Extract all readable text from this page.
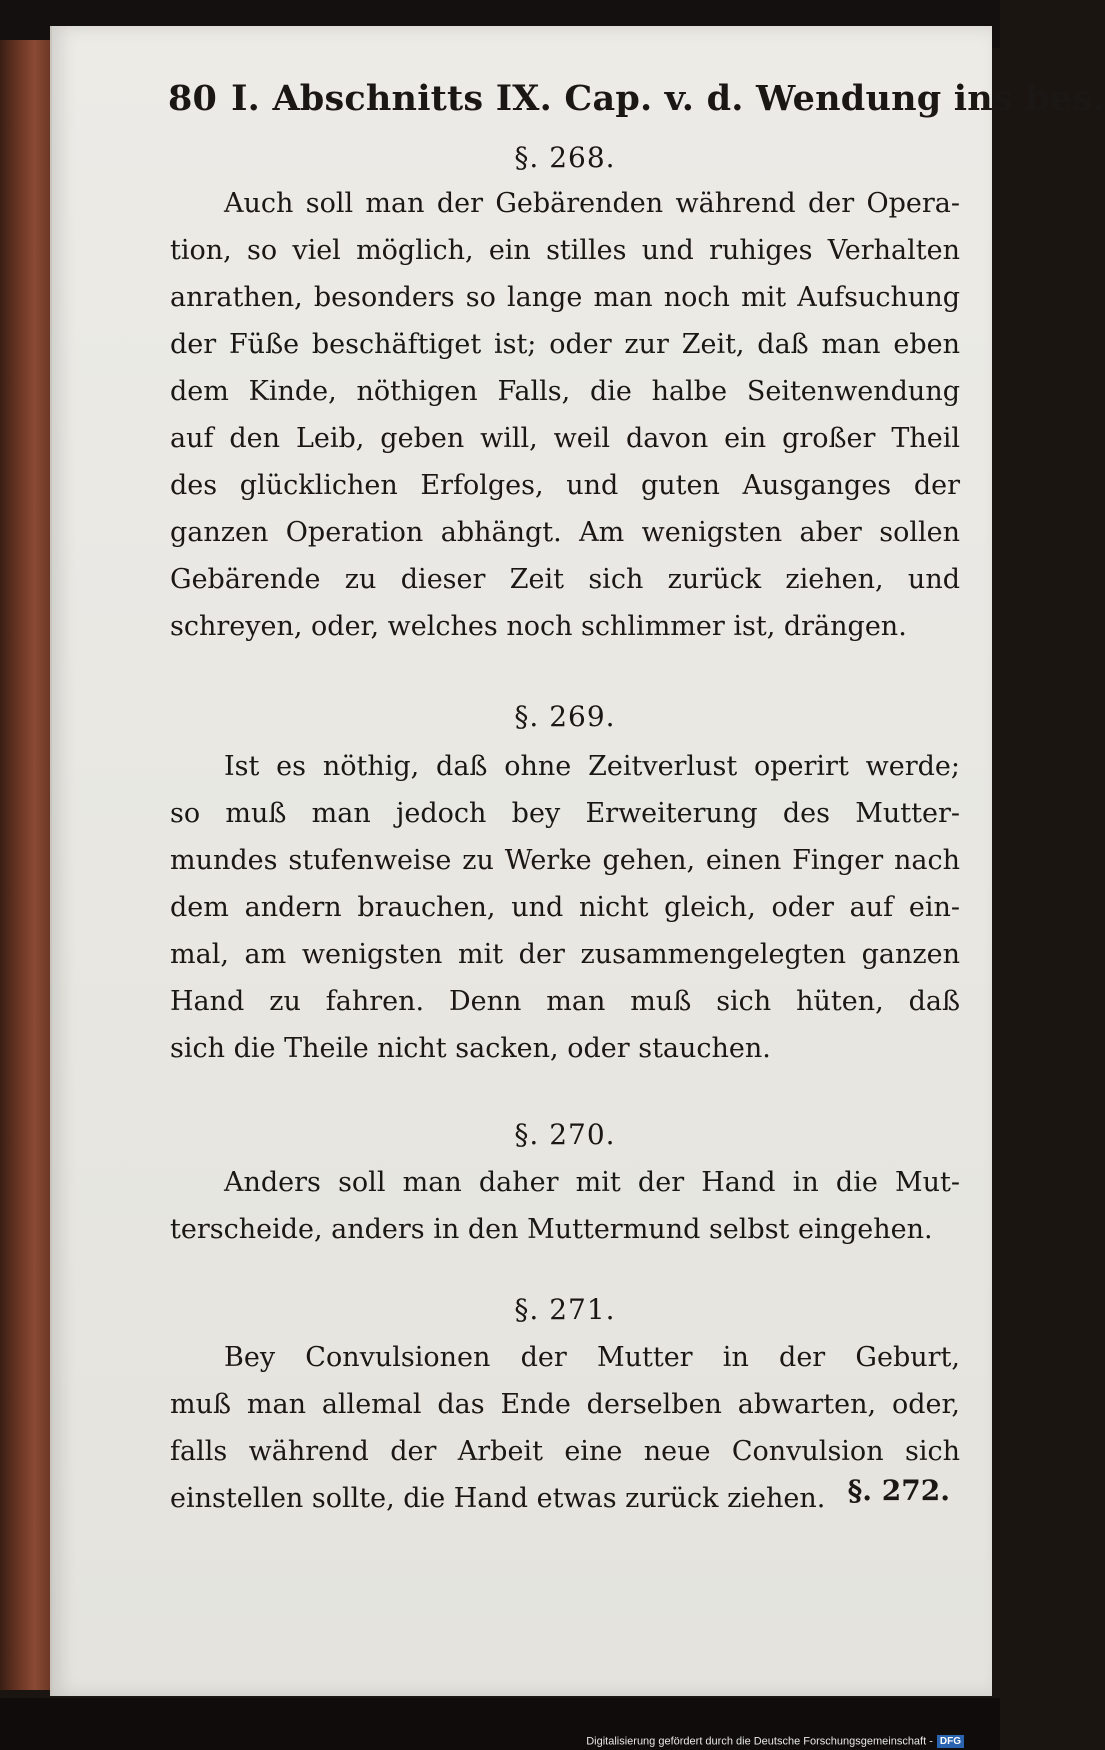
80 I. Abschnitts IX. Cap. v. d. Wendung ins bes.

§. 268.

Auch soll man der Gebärenden während der Opera-
tion, so viel möglich, ein stilles und ruhiges Verhalten
anrathen, besonders so lange man noch mit Aufsuchung
der Füße beschäftiget ist; oder zur Zeit, daß man eben
dem Kinde, nöthigen Falls, die halbe Seitenwendung
auf den Leib, geben will, weil davon ein großer Theil
des glücklichen Erfolges, und guten Ausganges der
ganzen Operation abhängt. Am wenigsten aber sollen
Gebärende zu dieser Zeit sich zurück ziehen, und
schreyen, oder, welches noch schlimmer ist, drängen.

§. 269.

Ist es nöthig, daß ohne Zeitverlust operirt werde;
so muß man jedoch bey Erweiterung des Mutter-
mundes stufenweise zu Werke gehen, einen Finger nach
dem andern brauchen, und nicht gleich, oder auf ein-
mal, am wenigsten mit der zusammengelegten ganzen
Hand zu fahren. Denn man muß sich hüten, daß
sich die Theile nicht sacken, oder stauchen.

§. 270.

Anders soll man daher mit der Hand in die Mut-
terscheide, anders in den Muttermund selbst eingehen.

§. 271.

Bey Convulsionen der Mutter in der Geburt,
muß man allemal das Ende derselben abwarten, oder,
falls während der Arbeit eine neue Convulsion sich
einstellen sollte, die Hand etwas zurück ziehen. §. 272.
Digitalisierung gefördert durch die Deutsche Forschungsgemeinschaft - DFG
